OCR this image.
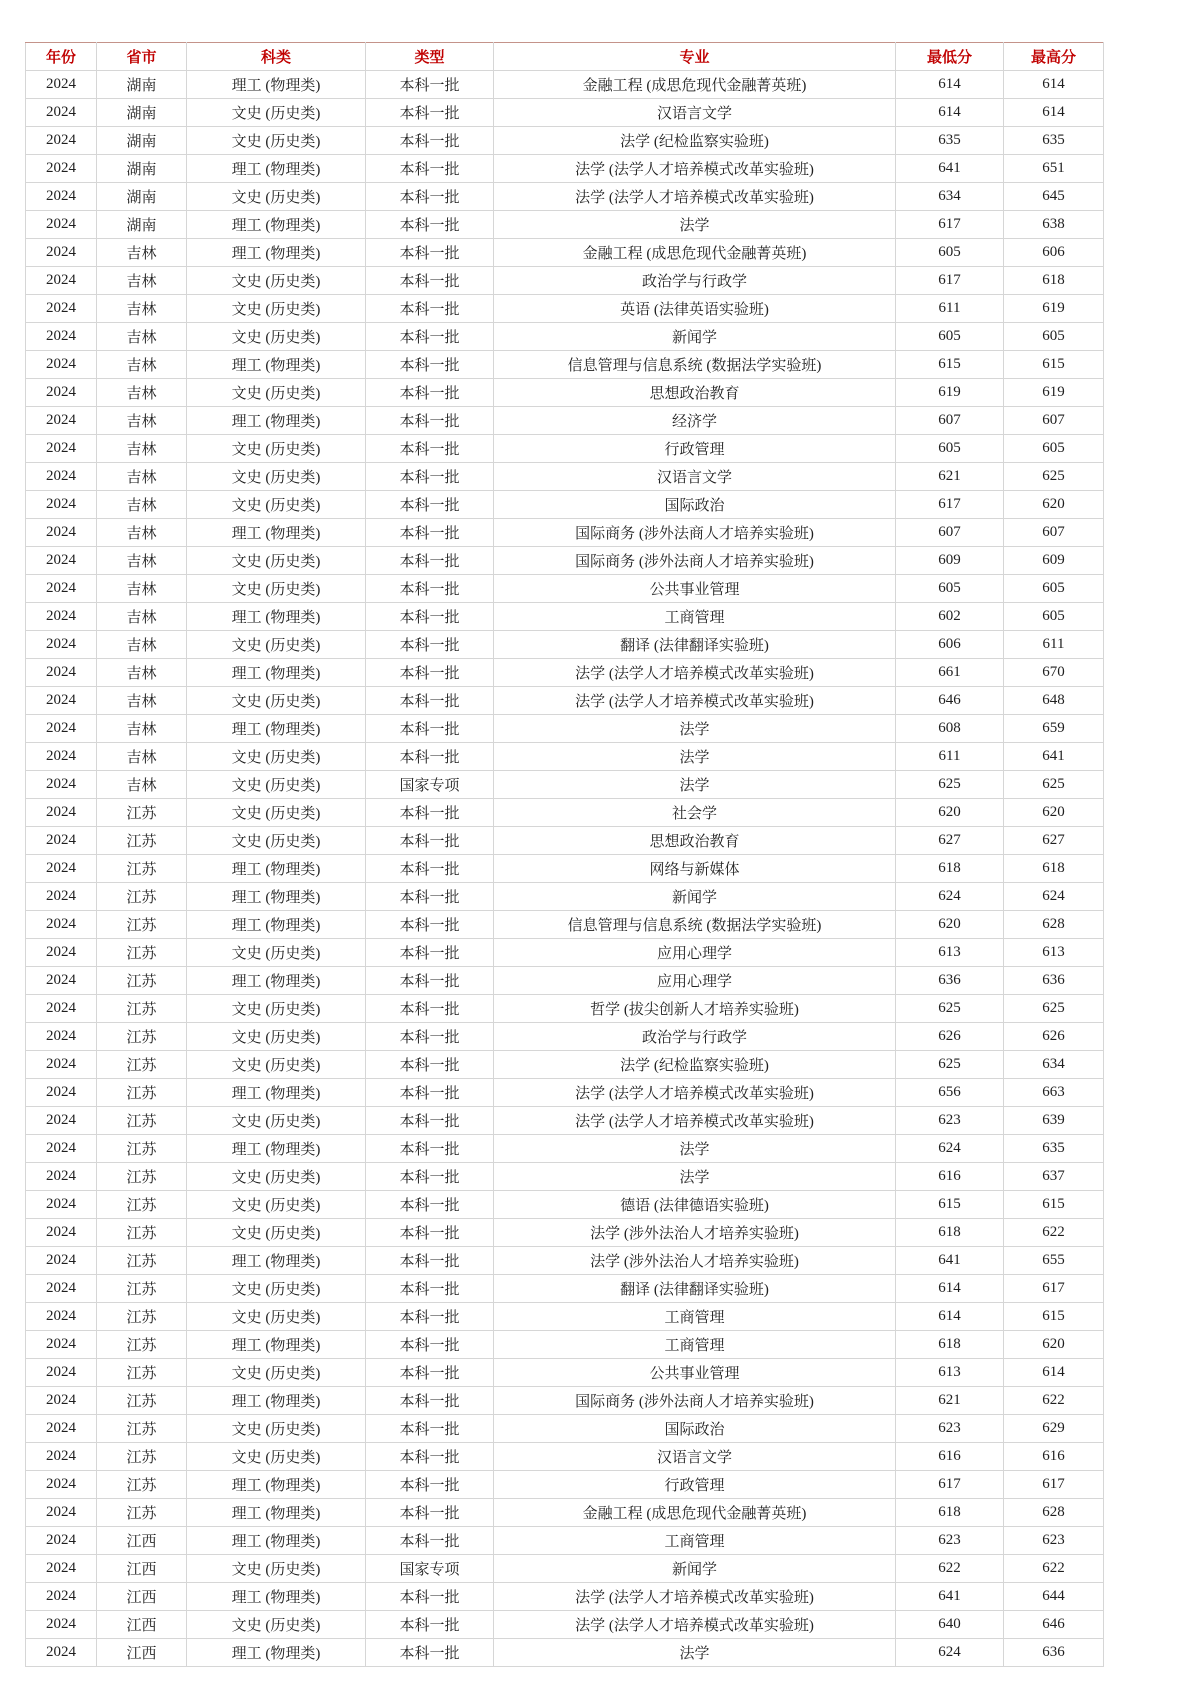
年份	省市	科类	类型	专业	最低分	最高分
2024	湖南	理工 (物理类)	本科一批	金融工程 (成思危现代金融菁英班)	614	614
2024	湖南	文史 (历史类)	本科一批	汉语言文学	614	614
2024	湖南	文史 (历史类)	本科一批	法学 (纪检监察实验班)	635	635
2024	湖南	理工 (物理类)	本科一批	法学 (法学人才培养模式改革实验班)	641	651
2024	湖南	文史 (历史类)	本科一批	法学 (法学人才培养模式改革实验班)	634	645
2024	湖南	理工 (物理类)	本科一批	法学	617	638
2024	吉林	理工 (物理类)	本科一批	金融工程 (成思危现代金融菁英班)	605	606
2024	吉林	文史 (历史类)	本科一批	政治学与行政学	617	618
2024	吉林	文史 (历史类)	本科一批	英语 (法律英语实验班)	611	619
2024	吉林	文史 (历史类)	本科一批	新闻学	605	605
2024	吉林	理工 (物理类)	本科一批	信息管理与信息系统 (数据法学实验班)	615	615
2024	吉林	文史 (历史类)	本科一批	思想政治教育	619	619
2024	吉林	理工 (物理类)	本科一批	经济学	607	607
2024	吉林	文史 (历史类)	本科一批	行政管理	605	605
2024	吉林	文史 (历史类)	本科一批	汉语言文学	621	625
2024	吉林	文史 (历史类)	本科一批	国际政治	617	620
2024	吉林	理工 (物理类)	本科一批	国际商务 (涉外法商人才培养实验班)	607	607
2024	吉林	文史 (历史类)	本科一批	国际商务 (涉外法商人才培养实验班)	609	609
2024	吉林	文史 (历史类)	本科一批	公共事业管理	605	605
2024	吉林	理工 (物理类)	本科一批	工商管理	602	605
2024	吉林	文史 (历史类)	本科一批	翻译 (法律翻译实验班)	606	611
2024	吉林	理工 (物理类)	本科一批	法学 (法学人才培养模式改革实验班)	661	670
2024	吉林	文史 (历史类)	本科一批	法学 (法学人才培养模式改革实验班)	646	648
2024	吉林	理工 (物理类)	本科一批	法学	608	659
2024	吉林	文史 (历史类)	本科一批	法学	611	641
2024	吉林	文史 (历史类)	国家专项	法学	625	625
2024	江苏	文史 (历史类)	本科一批	社会学	620	620
2024	江苏	文史 (历史类)	本科一批	思想政治教育	627	627
2024	江苏	理工 (物理类)	本科一批	网络与新媒体	618	618
2024	江苏	理工 (物理类)	本科一批	新闻学	624	624
2024	江苏	理工 (物理类)	本科一批	信息管理与信息系统 (数据法学实验班)	620	628
2024	江苏	文史 (历史类)	本科一批	应用心理学	613	613
2024	江苏	理工 (物理类)	本科一批	应用心理学	636	636
2024	江苏	文史 (历史类)	本科一批	哲学 (拔尖创新人才培养实验班)	625	625
2024	江苏	文史 (历史类)	本科一批	政治学与行政学	626	626
2024	江苏	文史 (历史类)	本科一批	法学 (纪检监察实验班)	625	634
2024	江苏	理工 (物理类)	本科一批	法学 (法学人才培养模式改革实验班)	656	663
2024	江苏	文史 (历史类)	本科一批	法学 (法学人才培养模式改革实验班)	623	639
2024	江苏	理工 (物理类)	本科一批	法学	624	635
2024	江苏	文史 (历史类)	本科一批	法学	616	637
2024	江苏	文史 (历史类)	本科一批	德语 (法律德语实验班)	615	615
2024	江苏	文史 (历史类)	本科一批	法学 (涉外法治人才培养实验班)	618	622
2024	江苏	理工 (物理类)	本科一批	法学 (涉外法治人才培养实验班)	641	655
2024	江苏	文史 (历史类)	本科一批	翻译 (法律翻译实验班)	614	617
2024	江苏	文史 (历史类)	本科一批	工商管理	614	615
2024	江苏	理工 (物理类)	本科一批	工商管理	618	620
2024	江苏	文史 (历史类)	本科一批	公共事业管理	613	614
2024	江苏	理工 (物理类)	本科一批	国际商务 (涉外法商人才培养实验班)	621	622
2024	江苏	文史 (历史类)	本科一批	国际政治	623	629
2024	江苏	文史 (历史类)	本科一批	汉语言文学	616	616
2024	江苏	理工 (物理类)	本科一批	行政管理	617	617
2024	江苏	理工 (物理类)	本科一批	金融工程 (成思危现代金融菁英班)	618	628
2024	江西	理工 (物理类)	本科一批	工商管理	623	623
2024	江西	文史 (历史类)	国家专项	新闻学	622	622
2024	江西	理工 (物理类)	本科一批	法学 (法学人才培养模式改革实验班)	641	644
2024	江西	文史 (历史类)	本科一批	法学 (法学人才培养模式改革实验班)	640	646
2024	江西	理工 (物理类)	本科一批	法学	624	636
